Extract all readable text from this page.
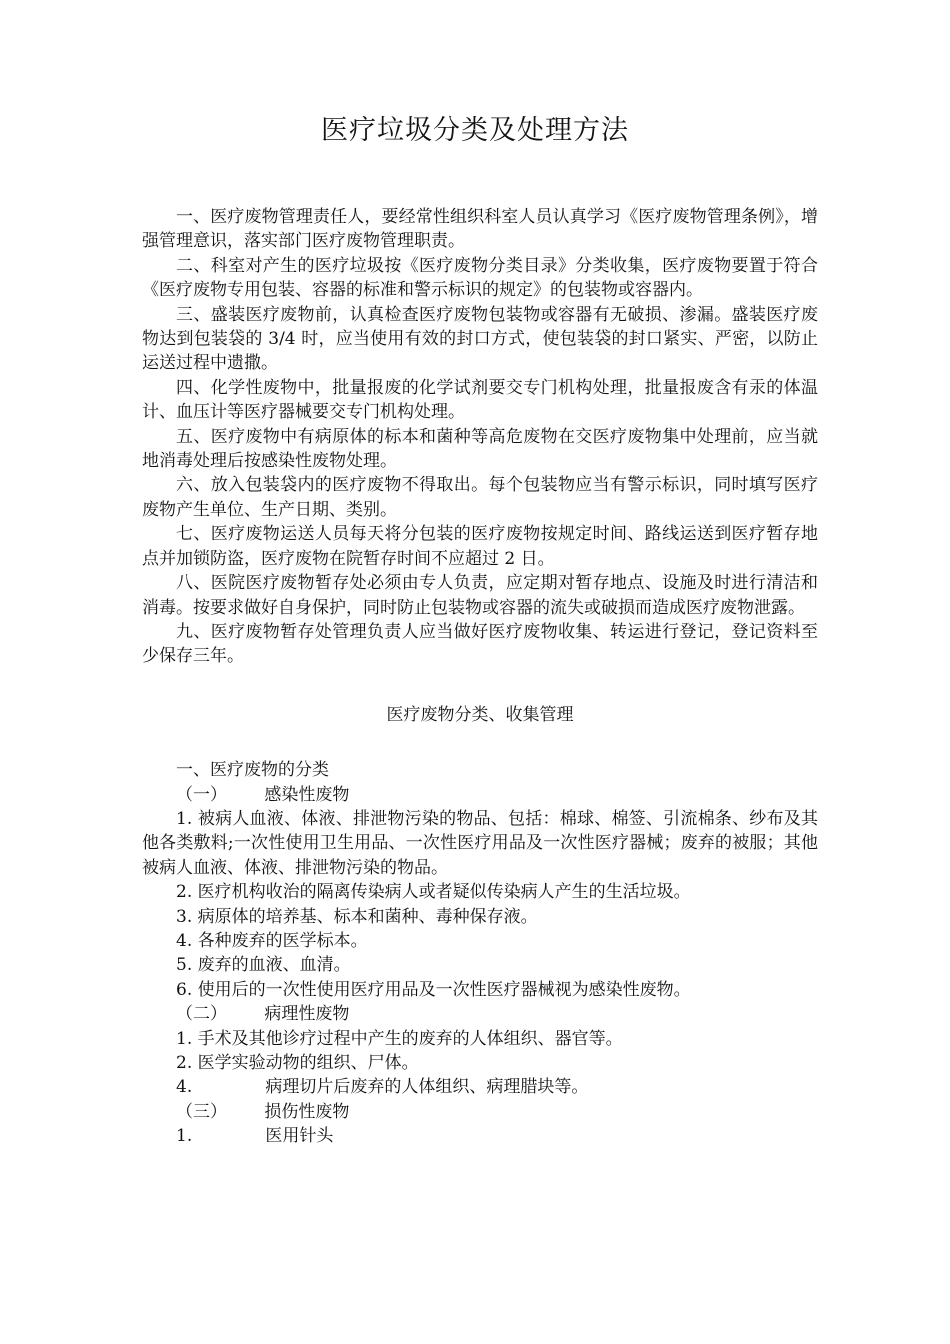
医疗垃圾分类及处理方法

一、医疗废物管理责任人，要经常性组织科室人员认真学习《医疗废物管理条例》，增强管理意识，落实部门医疗废物管理职责。

二、科室对产生的医疗垃圾按《医疗废物分类目录》分类收集，医疗废物要置于符合《医疗废物专用包装、容器的标准和警示标识的规定》的包装物或容器内。

三、盛装医疗废物前，认真检查医疗废物包装物或容器有无破损、渗漏。盛装医疗废物达到包装袋的 3/4 时，应当使用有效的封口方式，使包装袋的封口紧实、严密，以防止运送过程中遗撒。

四、化学性废物中，批量报废的化学试剂要交专门机构处理，批量报废含有汞的体温计、血压计等医疗器械要交专门机构处理。

五、医疗废物中有病原体的标本和菌种等高危废物在交医疗废物集中处理前，应当就地消毒处理后按感染性废物处理。

六、放入包装袋内的医疗废物不得取出。每个包装物应当有警示标识，同时填写医疗废物产生单位、生产日期、类别。

七、医疗废物运送人员每天将分包装的医疗废物按规定时间、路线运送到医疗暂存地点并加锁防盗，医疗废物在院暂存时间不应超过 2 日。

八、医院医疗废物暂存处必须由专人负责，应定期对暂存地点、设施及时进行清洁和消毒。按要求做好自身保护，同时防止包装物或容器的流失或破损而造成医疗废物泄露。

九、医疗废物暂存处管理负责人应当做好医疗废物收集、转运进行登记，登记资料至少保存三年。

医疗废物分类、收集管理
一、医疗废物的分类
（一） 感染性废物

1. 被病人血液、体液、排泄物污染的物品、包括：棉球、棉签、引流棉条、纱布及其他各类敷料;一次性使用卫生用品、一次性医疗用品及一次性医疗器械；废弃的被服；其他被病人血液、体液、排泄物污染的物品。

2. 医疗机构收治的隔离传染病人或者疑似传染病人产生的生活垃圾。

3. 病原体的培养基、标本和菌种、毒种保存液。

4. 各种废弃的医学标本。

5. 废弃的血液、血清。

6. 使用后的一次性使用医疗用品及一次性医疗器械视为感染性废物。

（二） 病理性废物

1. 手术及其他诊疗过程中产生的废弃的人体组织、器官等。

2. 医学实验动物的组织、尸体。

4.	病理切片后废弃的人体组织、病理腊块等。
（三） 损伤性废物
1.	医用针头
